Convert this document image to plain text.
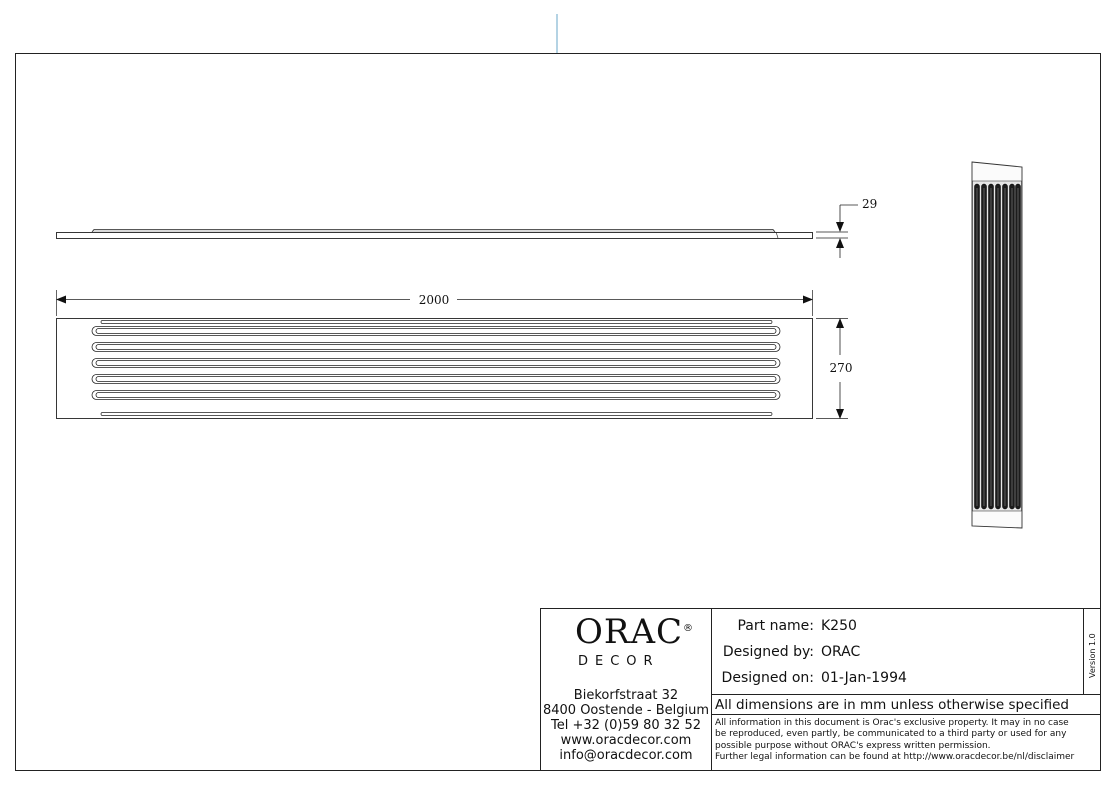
29
2000
270
ORAC®
DECOR
Biekorfstraat 32
8400 Oostende - Belgium
Tel +32 (0)59 80 32 52
www.oracdecor.com
info@oracdecor.com
Part name: K250
Designed by: ORAC
Designed on: 01-Jan-1994	Version 1.0
All dimensions are in mm unless otherwise specified
All information in this document is Orac's exclusive property. It may in no case
be reproduced, even partly, be communicated to a third party or used for any
possible purpose without ORAC's express written permission.
Further legal information can be found at http://www.oracdecor.be/nl/disclaimer
